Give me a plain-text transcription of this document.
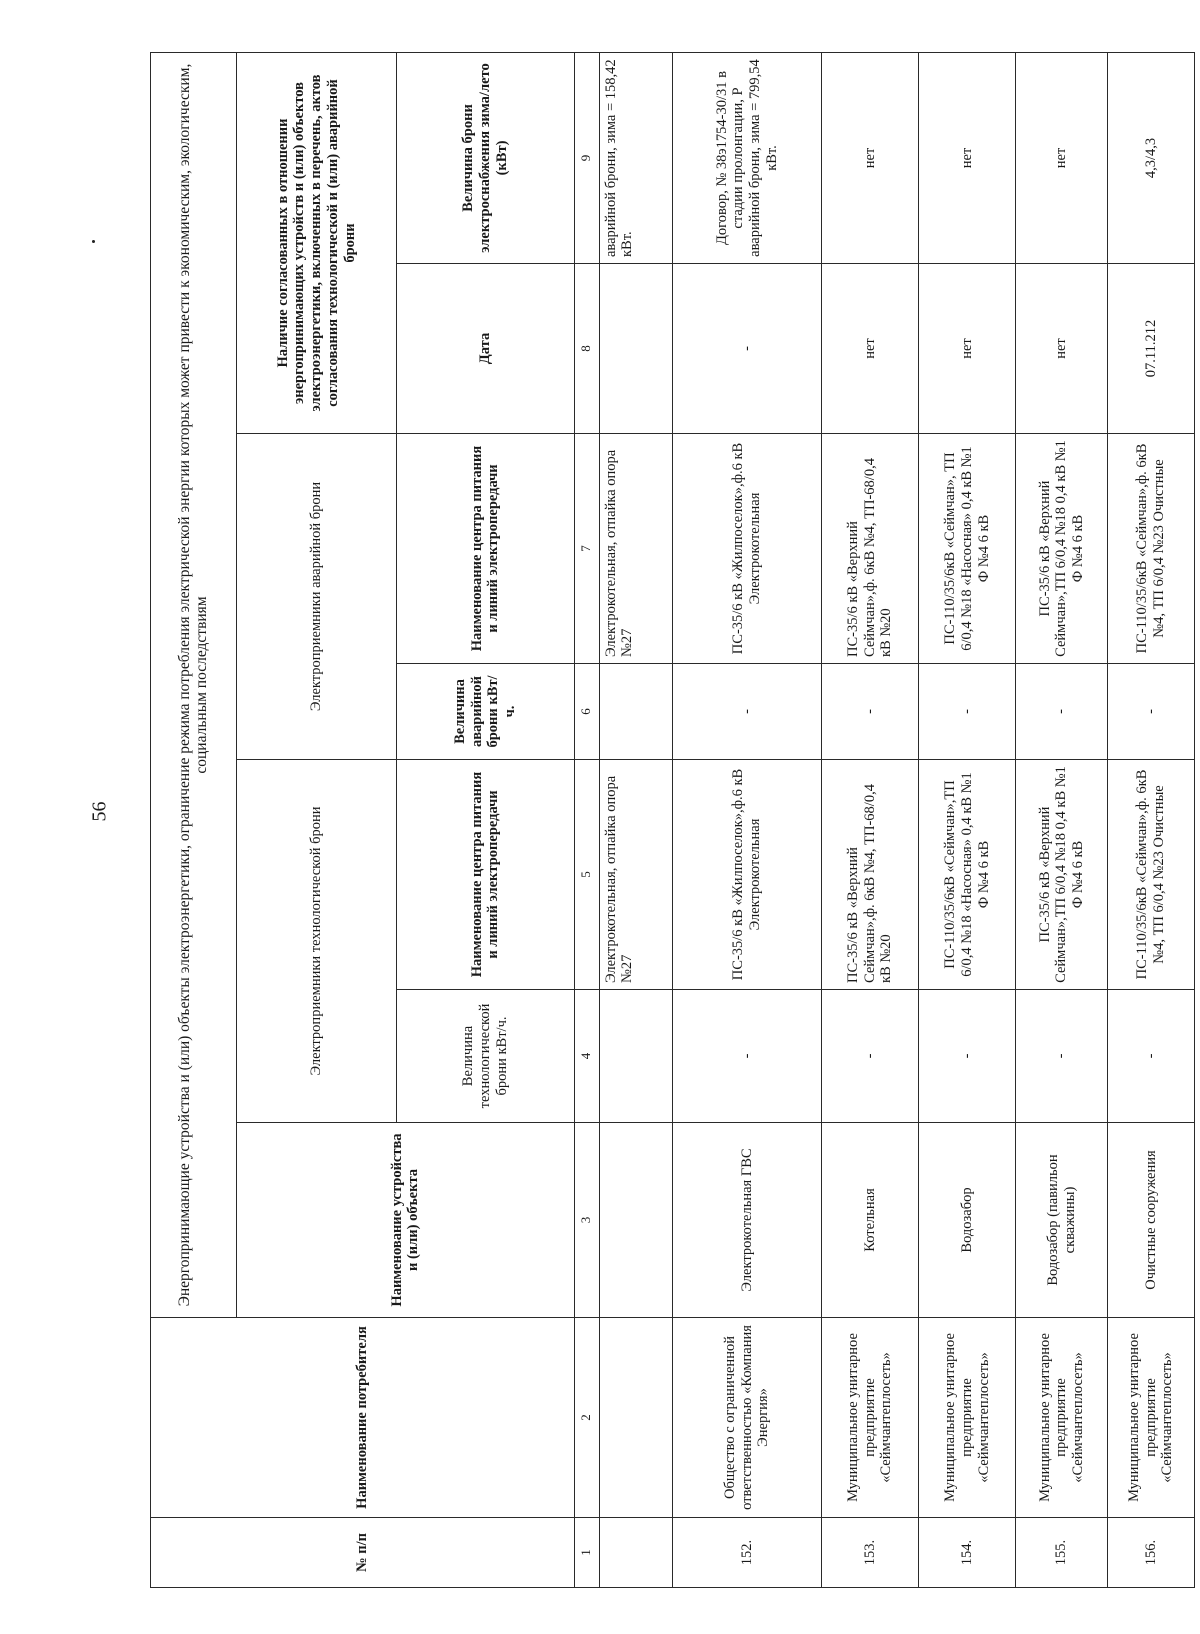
56
№ п/п	Наименование потребителя	Энергопринимающие устройства и (или) объекты электроэнергетики, ограничение режима потребления электрической энергии которых может привести к экономическим, экологическим, социальным последствиям						
		Наименование устройства и (или) объекта	Электроприемники технологической брони		Электроприемники аварийной брони		Наличие согласованных в отношении энергопринимающих устройств и (или) объектов электроэнергетики, включенных в перечень, актов согласования технологической и (или) аварийной брони	
			Величина технологической брони кВт/ч.	Наименование центра питания и линий электропередачи	Величина аварийной брони кВт/ч.	Наименование центра питания и линий электропередачи	Дата	Величина брони электроснабжения зима/лето (кВт)
1	2	3	4	5	6	7	8	9
				Электрокотельная, отпайка опора №27		Электрокотельная, отпайка опора №27		аварийной брони, зима = 158,42 кВт.
152.	Общество с ограниченной ответственностью «Компания Энергия»	Электрокотельная ГВС	-	ПС-35/6 кВ «Жилпоселок»,ф.6 кВ Электрокотельная	-	ПС-35/6 кВ «Жилпоселок»,ф.6 кВ Электрокотельная	-	Договор, № 38э1754-30/31 в стадии пролонгации, Р аварийной брони, зима = 799,54 кВт.
153.	Муниципальное унитарное предприятие «Сеймчантеплосеть»	Котельная	-	ПС-35/6 кВ «Верхний Сеймчан»,ф. 6кВ №4, ТП-68/0,4 кВ №20	-	ПС-35/6 кВ «Верхний Сеймчан»,ф. 6кВ №4, ТП-68/0,4 кВ №20	нет	нет
154.	Муниципальное унитарное предприятие «Сеймчантеплосеть»	Водозабор	-	ПС-110/35/6кВ «Сеймчан»,ТП 6/0,4 №18 «Насосная» 0,4 кВ №1 Ф №4 6 кВ	-	ПС-110/35/6кВ «Сеймчан», ТП 6/0,4 №18 «Насосная» 0,4 кВ №1 Ф №4 6 кВ	нет	нет
155.	Муниципальное унитарное предприятие «Сеймчантеплосеть»	Водозабор (павильон скважины)	-	ПС-35/6 кВ «Верхний Сеймчан»,ТП 6/0,4 №18 0,4 кВ №1 Ф №4 6 кВ	-	ПС-35/6 кВ «Верхний Сеймчан»,ТП 6/0,4 №18 0,4 кВ №1 Ф №4 6 кВ	нет	нет
156.	Муниципальное унитарное предприятие «Сеймчантеплосеть»	Очистные сооружения	-	ПС-110/35/6кВ «Сеймчан»,ф. 6кВ №4, ТП 6/0,4 №23 Очистные	-	ПС-110/35/6кВ «Сеймчан»,ф. 6кВ №4, ТП 6/0,4 №23 Очистные	07.11.212	4,3/4,3
